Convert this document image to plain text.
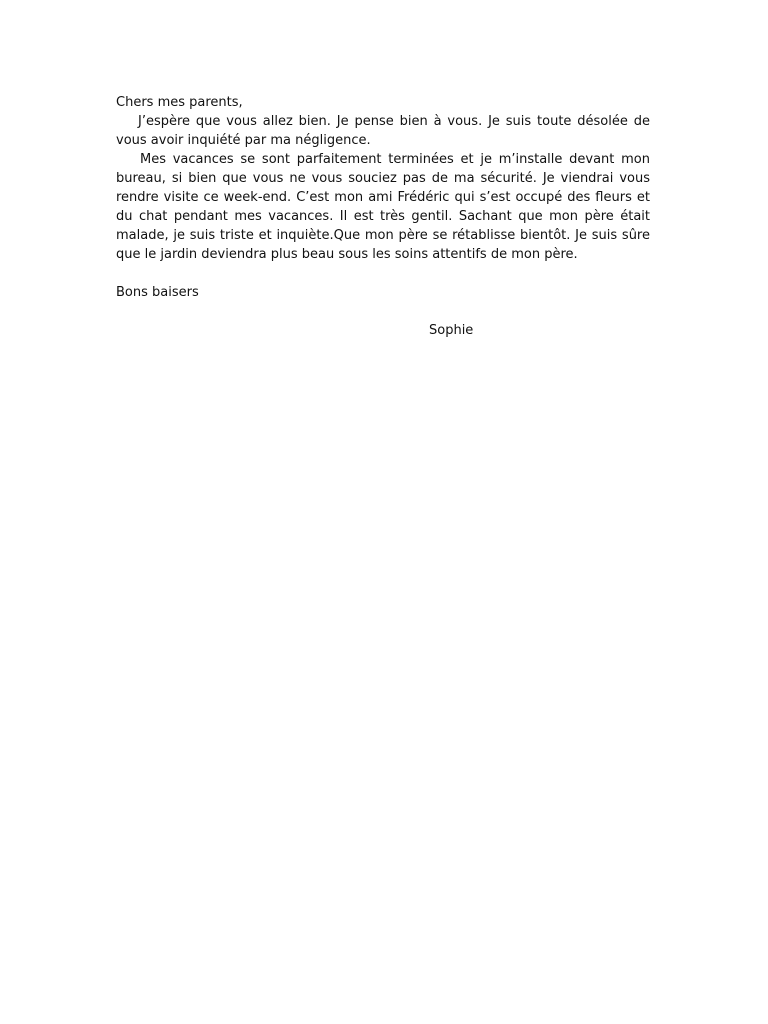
Chers mes parents,

J’espère que vous allez bien. Je pense bien à vous. Je suis toute désolée de vous avoir inquiété par ma négligence.

Mes vacances se sont parfaitement terminées et je m’installe devant mon bureau, si bien que vous ne vous souciez pas de ma sécurité. Je viendrai vous rendre visite ce week-end. C’est mon ami Frédéric qui s’est occupé des fleurs et du chat pendant mes vacances. Il est très gentil. Sachant que mon père était malade, je suis triste et inquiète.Que mon père se rétablisse bientôt. Je suis sûre que le jardin deviendra plus beau sous les soins attentifs de mon père.

Bons baisers

Sophie
